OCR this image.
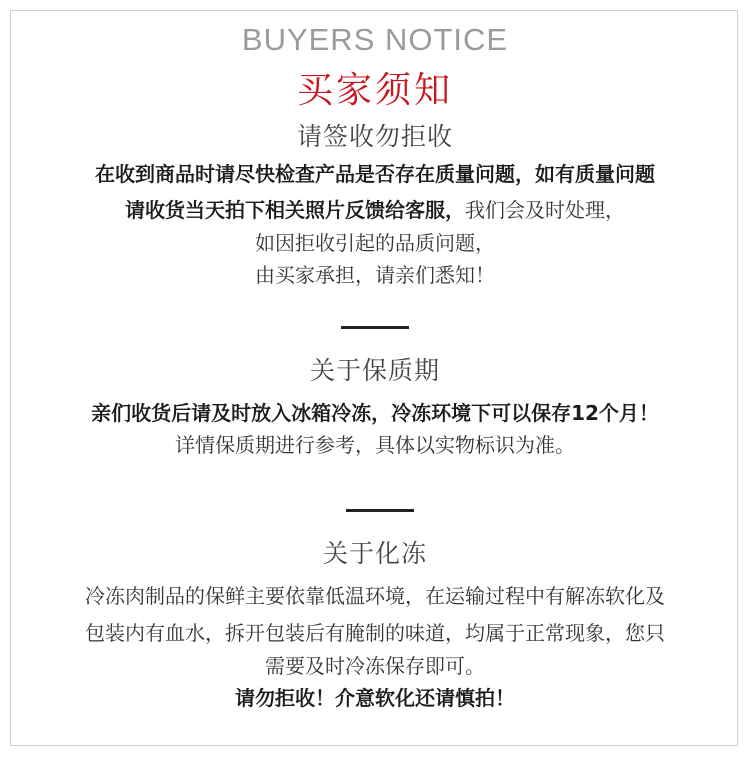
BUYERS NOTICE
买家须知
请签收勿拒收
在收到商品时请尽快检查产品是否存在质量问题，如有质量问题
请收货当天拍下相关照片反馈给客服，我们会及时处理，
如因拒收引起的品质问题，
由买家承担，请亲们悉知！
关于保质期
亲们收货后请及时放入冰箱冷冻，冷冻环境下可以保存12个月！
详情保质期进行参考，具体以实物标识为准。
关于化冻
冷冻肉制品的保鲜主要依靠低温环境，在运输过程中有解冻软化及
包装内有血水，拆开包装后有腌制的味道，均属于正常现象，您只
需要及时冷冻保存即可。
请勿拒收！介意软化还请慎拍！
